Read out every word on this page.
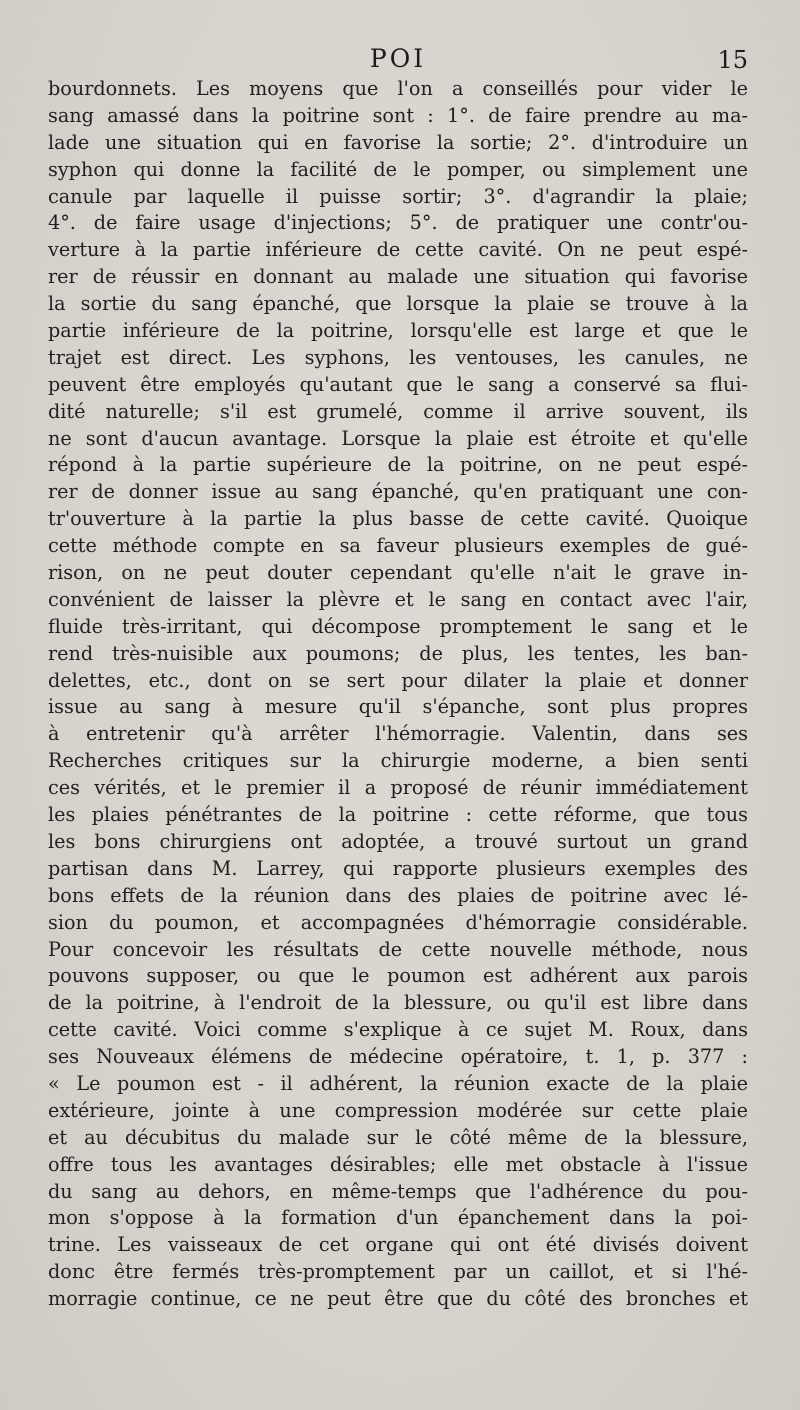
POI	15
bourdonnets. Les moyens que l'on a conseillés pour vider le
sang amassé dans la poitrine sont : 1°. de faire prendre au ma-
lade une situation qui en favorise la sortie; 2°. d'introduire un
syphon qui donne la facilité de le pomper, ou simplement une
canule par laquelle il puisse sortir; 3°. d'agrandir la plaie;
4°. de faire usage d'injections; 5°. de pratiquer une contr'ou-
verture à la partie inférieure de cette cavité. On ne peut espé-
rer de réussir en donnant au malade une situation qui favorise
la sortie du sang épanché, que lorsque la plaie se trouve à la
partie inférieure de la poitrine, lorsqu'elle est large et que le
trajet est direct. Les syphons, les ventouses, les canules, ne
peuvent être employés qu'autant que le sang a conservé sa flui-
dité naturelle; s'il est grumelé, comme il arrive souvent, ils
ne sont d'aucun avantage. Lorsque la plaie est étroite et qu'elle
répond à la partie supérieure de la poitrine, on ne peut espé-
rer de donner issue au sang épanché, qu'en pratiquant une con-
tr'ouverture à la partie la plus basse de cette cavité. Quoique
cette méthode compte en sa faveur plusieurs exemples de gué-
rison, on ne peut douter cependant qu'elle n'ait le grave in-
convénient de laisser la plèvre et le sang en contact avec l'air,
fluide très-irritant, qui décompose promptement le sang et le
rend très-nuisible aux poumons; de plus, les tentes, les ban-
delettes, etc., dont on se sert pour dilater la plaie et donner
issue au sang à mesure qu'il s'épanche, sont plus propres
à entretenir qu'à arrêter l'hémorragie. Valentin, dans ses
Recherches critiques sur la chirurgie moderne, a bien senti
ces vérités, et le premier il a proposé de réunir immédiatement
les plaies pénétrantes de la poitrine : cette réforme, que tous
les bons chirurgiens ont adoptée, a trouvé surtout un grand
partisan dans M. Larrey, qui rapporte plusieurs exemples des
bons effets de la réunion dans des plaies de poitrine avec lé-
sion du poumon, et accompagnées d'hémorragie considérable.
Pour concevoir les résultats de cette nouvelle méthode, nous
pouvons supposer, ou que le poumon est adhérent aux parois
de la poitrine, à l'endroit de la blessure, ou qu'il est libre dans
cette cavité. Voici comme s'explique à ce sujet M. Roux, dans
ses Nouveaux élémens de médecine opératoire, t. 1, p. 377 :
« Le poumon est - il adhérent, la réunion exacte de la plaie
extérieure, jointe à une compression modérée sur cette plaie
et au décubitus du malade sur le côté même de la blessure,
offre tous les avantages désirables; elle met obstacle à l'issue
du sang au dehors, en même-temps que l'adhérence du pou-
mon s'oppose à la formation d'un épanchement dans la poi-
trine. Les vaisseaux de cet organe qui ont été divisés doivent
donc être fermés très-promptement par un caillot, et si l'hé-
morragie continue, ce ne peut être que du côté des bronches et
